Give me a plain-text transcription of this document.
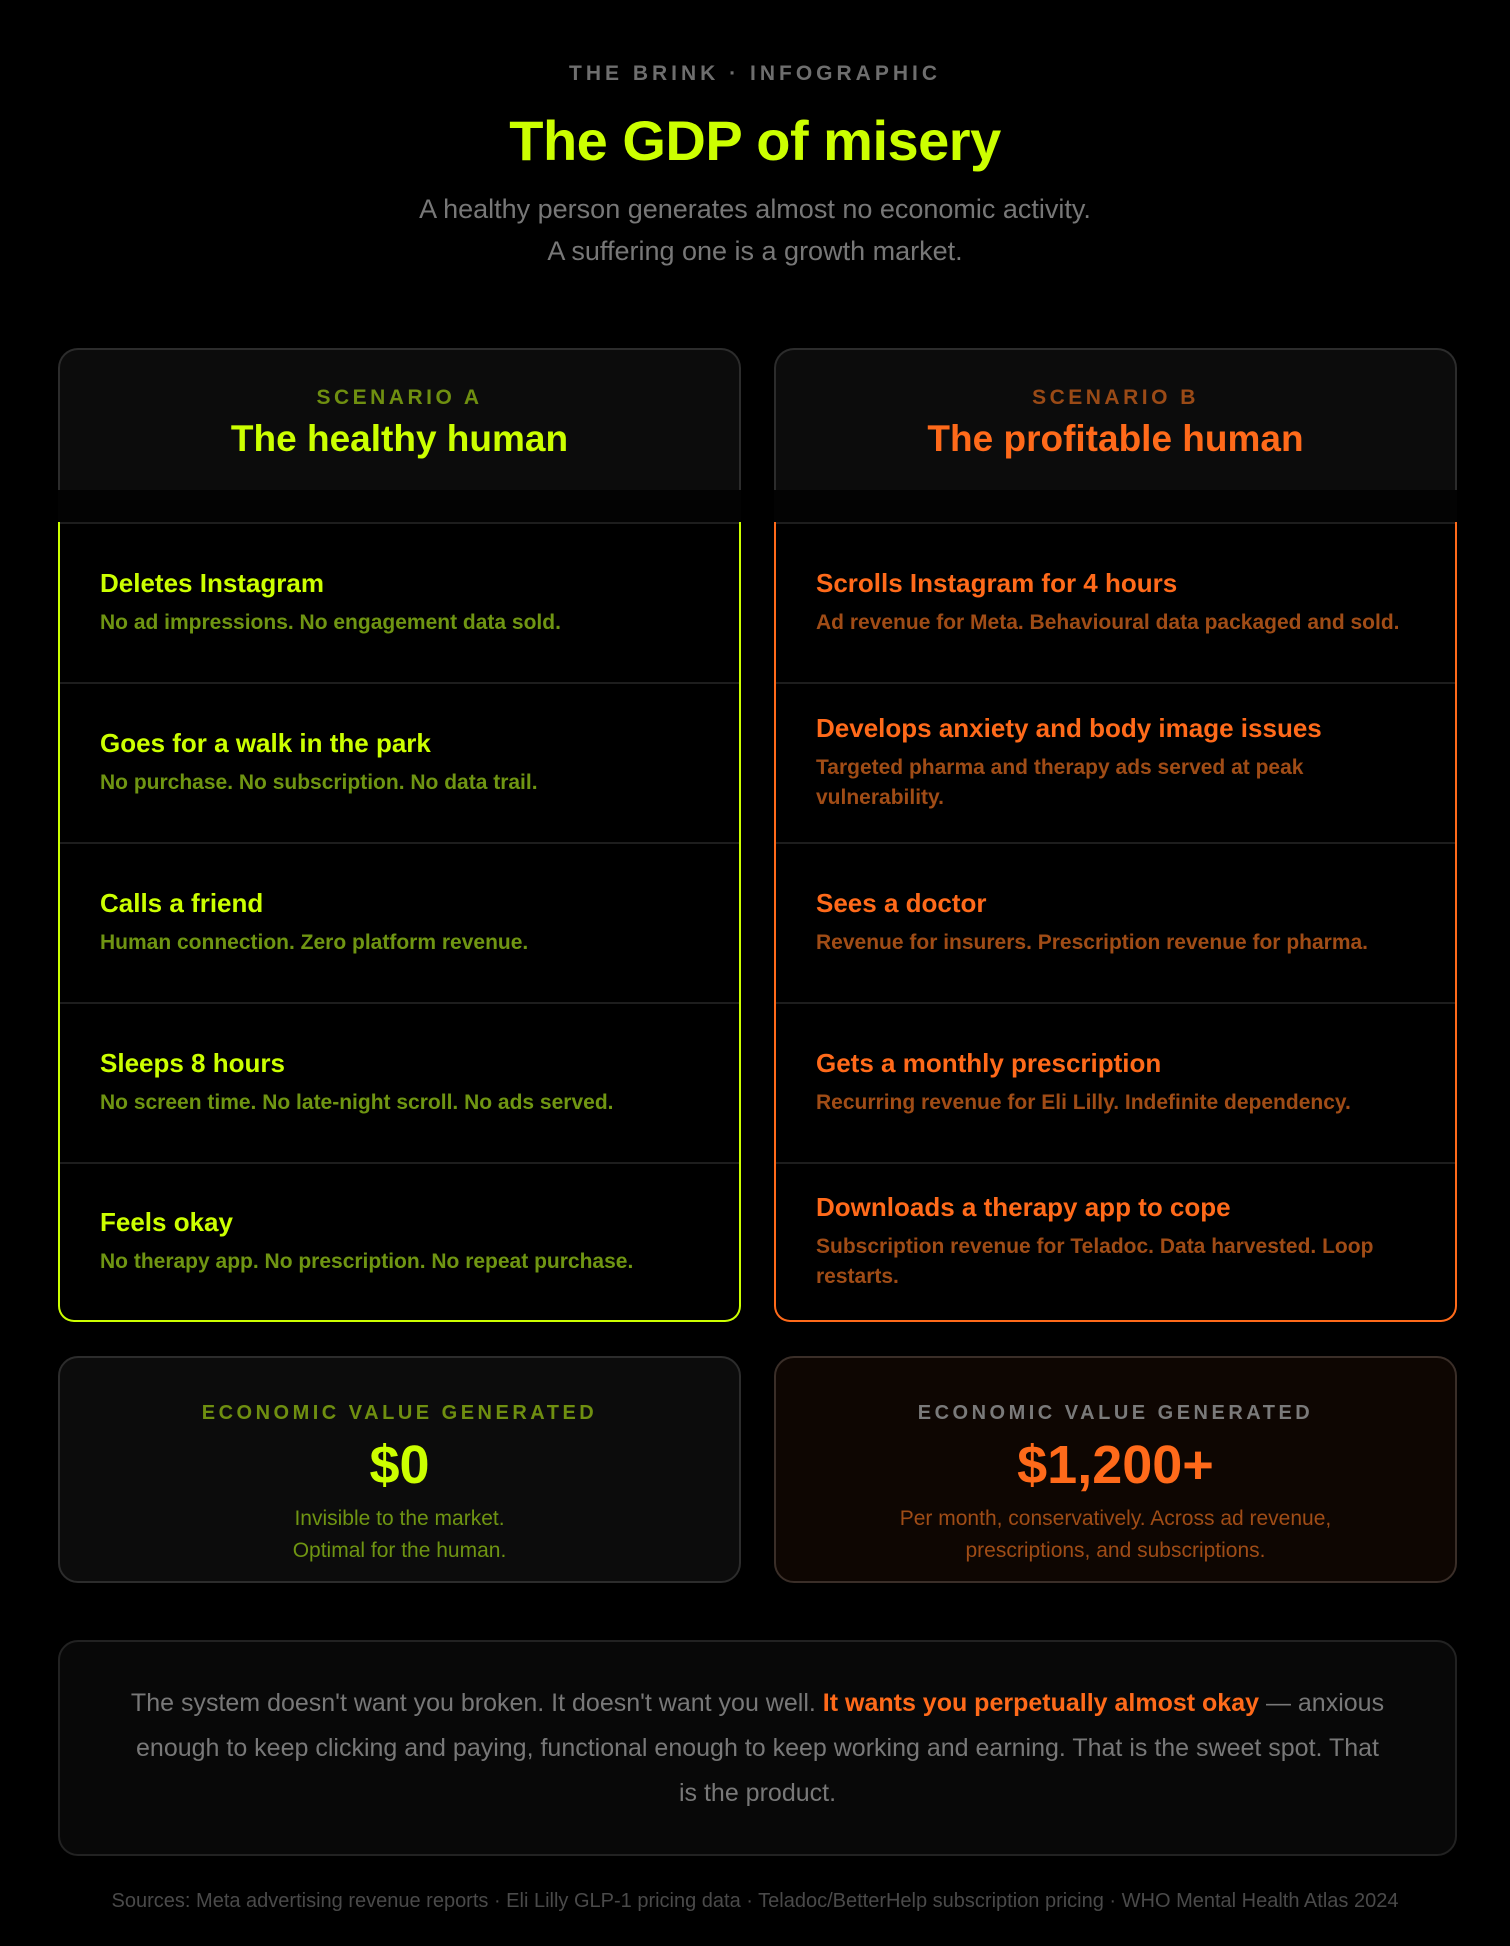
THE BRINK · INFOGRAPHIC
The GDP of misery
A healthy person generates almost no economic activity.
A suffering one is a growth market.
SCENARIO A
The healthy human
Deletes Instagram
No ad impressions. No engagement data sold.
Goes for a walk in the park
No purchase. No subscription. No data trail.
Calls a friend
Human connection. Zero platform revenue.
Sleeps 8 hours
No screen time. No late-night scroll. No ads served.
Feels okay
No therapy app. No prescription. No repeat purchase.
SCENARIO B
The profitable human
Scrolls Instagram for 4 hours
Ad revenue for Meta. Behavioural data packaged and sold.
Develops anxiety and body image issues
Targeted pharma and therapy ads served at peak vulnerability.
Sees a doctor
Revenue for insurers. Prescription revenue for pharma.
Gets a monthly prescription
Recurring revenue for Eli Lilly. Indefinite dependency.
Downloads a therapy app to cope
Subscription revenue for Teladoc. Data harvested. Loop restarts.
ECONOMIC VALUE GENERATED
$0
Invisible to the market.
Optimal for the human.
ECONOMIC VALUE GENERATED
$1,200+
Per month, conservatively. Across ad revenue,
prescriptions, and subscriptions.

The system doesn't want you broken. It doesn't want you well. It wants you perpetually almost okay — anxious enough to keep clicking and paying, functional enough to keep working and earning. That is the sweet spot. That is the product.

Sources: Meta advertising revenue reports · Eli Lilly GLP-1 pricing data · Teladoc/BetterHelp subscription pricing · WHO Mental Health Atlas 2024
